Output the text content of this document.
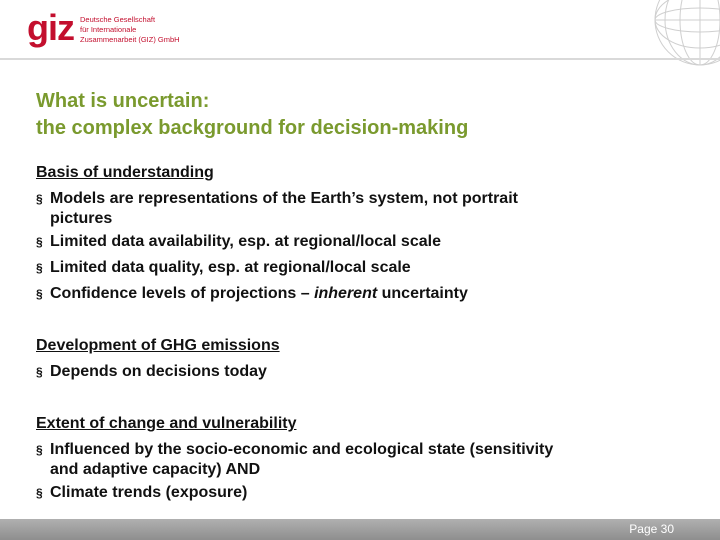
giz Deutsche Gesellschaft
für Internationale
Zusammenarbeit (GIZ) GmbH
What is uncertain:
the complex background for decision-making
Basis of understanding
§ Models are representations of the Earth’s system, not portrait
pictures
§ Limited data availability, esp. at regional/local scale
§ Limited data quality, esp. at regional/local scale
§ Confidence levels of projections – inherent uncertainty
Development of GHG emissions
§ Depends on decisions today
Extent of change and vulnerability
§ Influenced by the socio-economic and ecological state (sensitivity
and adaptive capacity) AND
§ Climate trends (exposure)
Page 30
